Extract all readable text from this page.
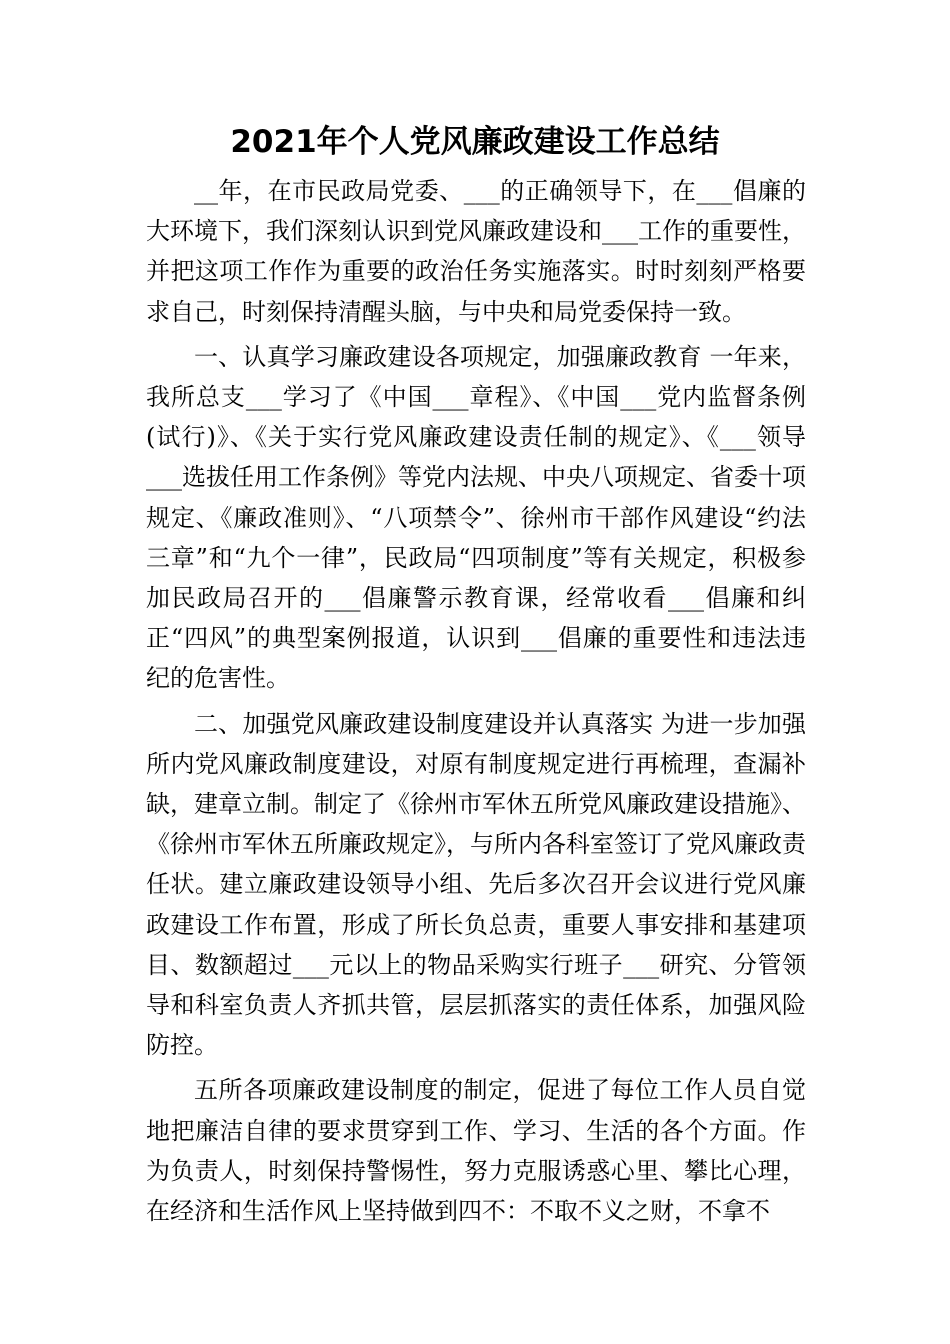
2021年个人党风廉政建设工作总结

__年，在市民政局党委、___的正确领导下，在___倡廉的大环境下，我们深刻认识到党风廉政建设和___工作的重要性，并把这项工作作为重要的政治任务实施落实。时时刻刻严格要求自己，时刻保持清醒头脑，与中央和局党委保持一致。

一、认真学习廉政建设各项规定，加强廉政教育 一年来，我所总支___学习了《中国___章程》、《中国___党内监督条例(试行)》、《关于实行党风廉政建设责任制的规定》、《___领导___选拔任用工作条例》等党内法规、中央八项规定、省委十项规定、《廉政准则》、“八项禁令”、徐州市干部作风建设“约法三章”和“九个一律”，民政局“四项制度”等有关规定，积极参加民政局召开的___倡廉警示教育课，经常收看___倡廉和纠正“四风”的典型案例报道，认识到___倡廉的重要性和违法违纪的危害性。

二、加强党风廉政建设制度建设并认真落实 为进一步加强所内党风廉政制度建设，对原有制度规定进行再梳理，查漏补缺，建章立制。制定了《徐州市军休五所党风廉政建设措施》、《徐州市军休五所廉政规定》，与所内各科室签订了党风廉政责任状。建立廉政建设领导小组、先后多次召开会议进行党风廉政建设工作布置，形成了所长负总责，重要人事安排和基建项目、数额超过___元以上的物品采购实行班子___研究、分管领导和科室负责人齐抓共管，层层抓落实的责任体系，加强风险防控。

五所各项廉政建设制度的制定，促进了每位工作人员自觉地把廉洁自律的要求贯穿到工作、学习、生活的各个方面。作为负责人，时刻保持警惕性，努力克服诱惑心里、攀比心理，在经济和生活作风上坚持做到四不：不取不义之财，不拿不
